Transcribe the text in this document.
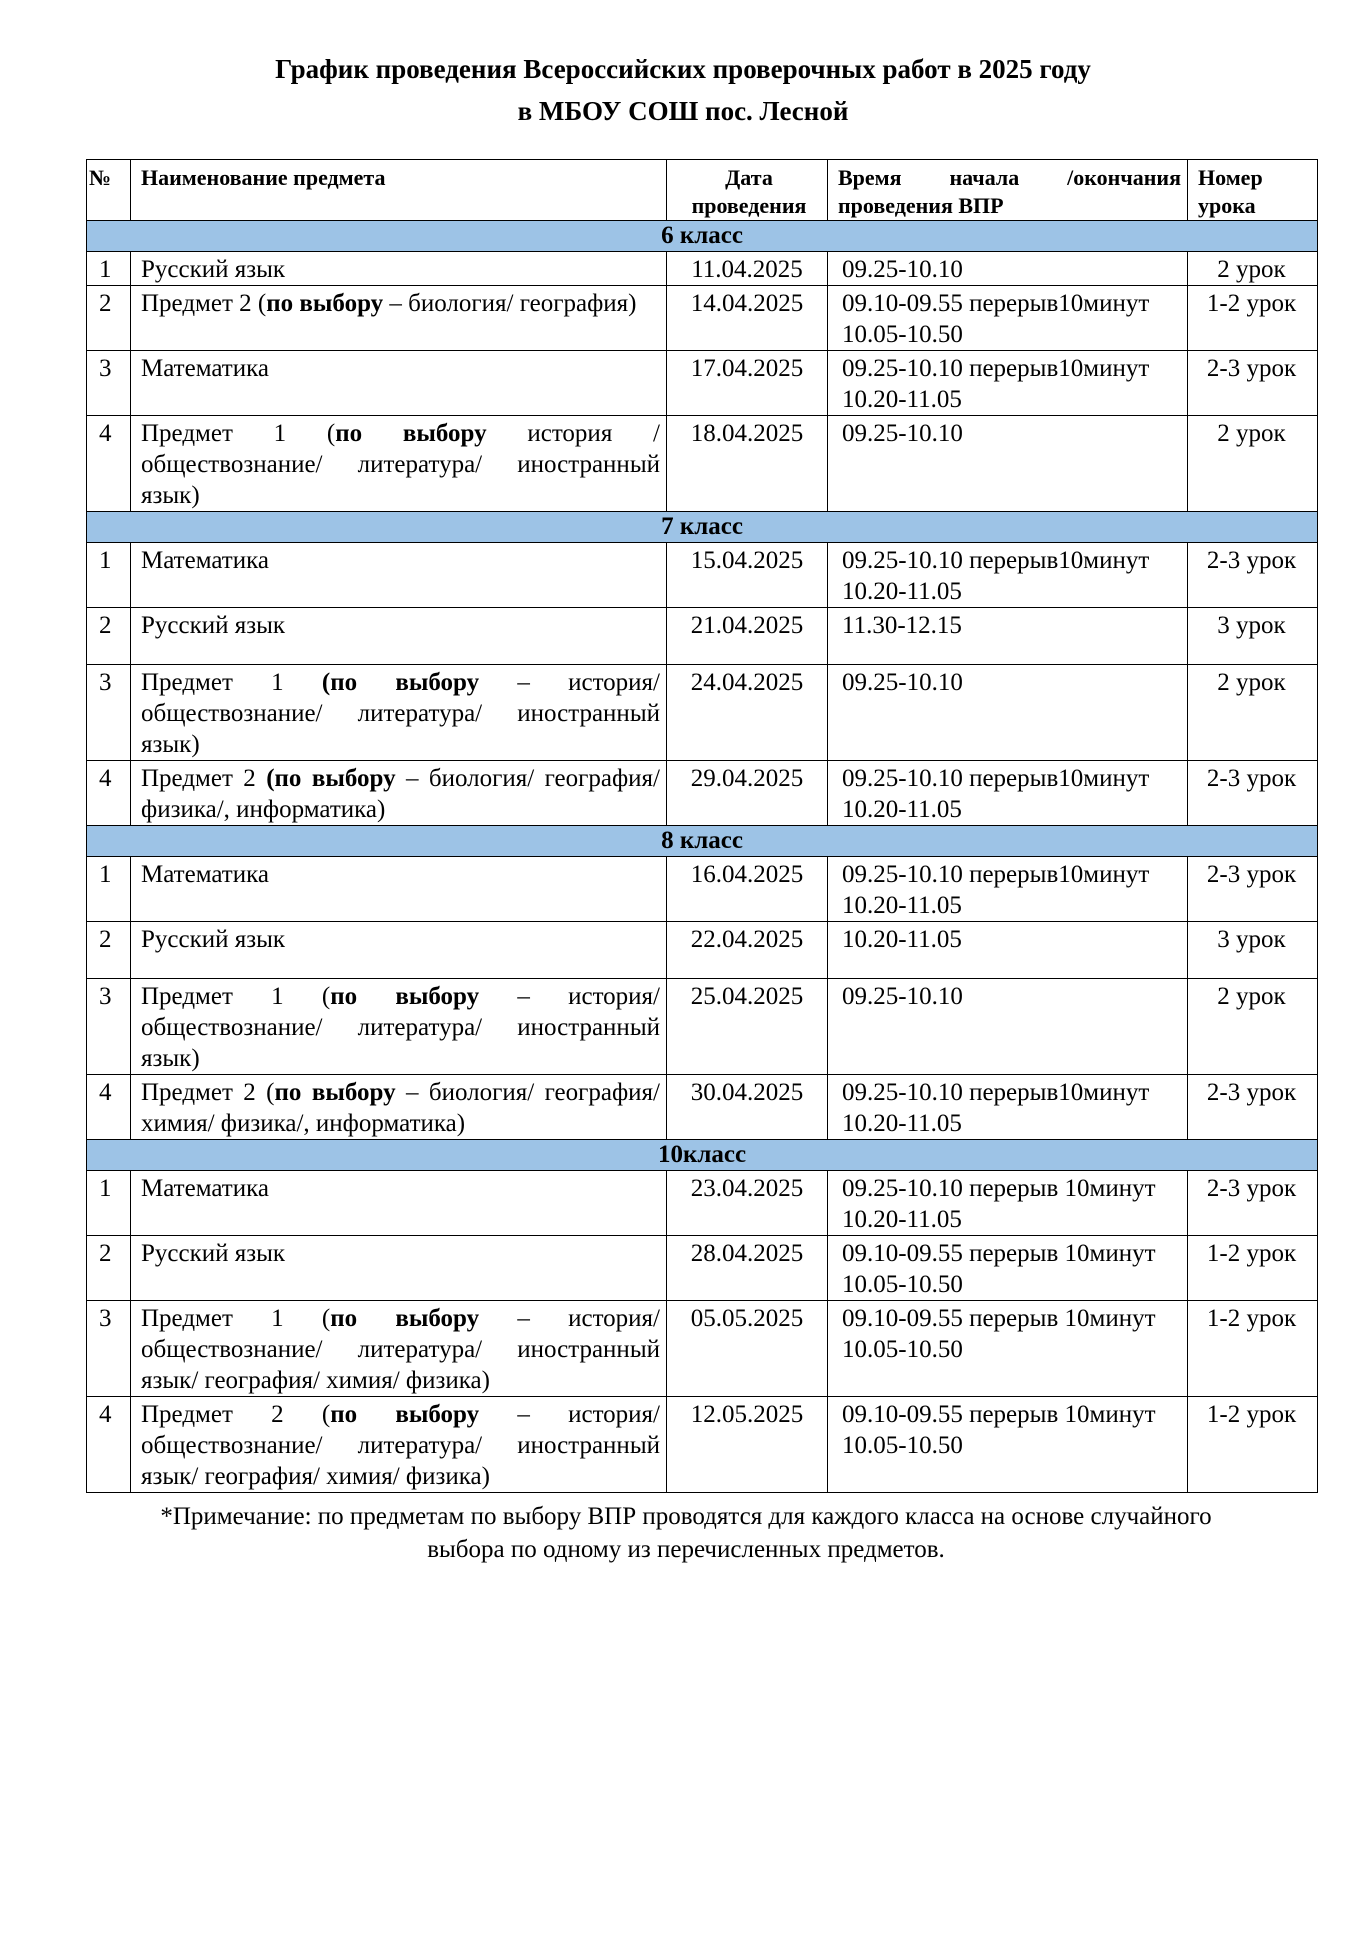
График проведения Всероссийских проверочных работ в 2025 году
в МБОУ СОШ пос. Лесной
№	Наименование предмета	Дата проведения	Время начала /окончания проведения ВПР	Номер урока
6 класс				
1	Русский язык	11.04.2025	09.25-10.10	2 урок
2	Предмет 2 (по выбору – биология/ география)	14.04.2025	09.10-09.55 перерыв10минут 10.05-10.50	1-2 урок
3	Математика	17.04.2025	09.25-10.10 перерыв10минут 10.20-11.05	2-3 урок
4	Предмет 1 (по выбору история /обществознание/ литература/ иностранный язык)	18.04.2025	09.25-10.10	2 урок
7 класс				
1	Математика	15.04.2025	09.25-10.10 перерыв10минут 10.20-11.05	2-3 урок
2	Русский язык	21.04.2025	11.30-12.15	3 урок
3	Предмет 1 (по выбору – история/ обществознание/ литература/ иностранный язык)	24.04.2025	09.25-10.10	2 урок
4	Предмет 2 (по выбору – биология/ география/ физика/, информатика)	29.04.2025	09.25-10.10 перерыв10минут 10.20-11.05	2-3 урок
8 класс				
1	Математика	16.04.2025	09.25-10.10 перерыв10минут 10.20-11.05	2-3 урок
2	Русский язык	22.04.2025	10.20-11.05	3 урок
3	Предмет 1 (по выбору – история/ обществознание/ литература/ иностранный язык)	25.04.2025	09.25-10.10	2 урок
4	Предмет 2 (по выбору – биология/ география/ химия/ физика/, информатика)	30.04.2025	09.25-10.10 перерыв10минут 10.20-11.05	2-3 урок
10класс				
1	Математика	23.04.2025	09.25-10.10 перерыв 10минут 10.20-11.05	2-3 урок
2	Русский язык	28.04.2025	09.10-09.55 перерыв 10минут 10.05-10.50	1-2 урок
3	Предмет 1 (по выбору – история/ обществознание/ литература/ иностранный язык/ география/ химия/ физика)	05.05.2025	09.10-09.55 перерыв 10минут 10.05-10.50	1-2 урок
4	Предмет 2 (по выбору – история/ обществознание/ литература/ иностранный язык/ география/ химия/ физика)	12.05.2025	09.10-09.55 перерыв 10минут 10.05-10.50	1-2 урок
*Примечание: по предметам по выбору ВПР проводятся для каждого класса на основе случайного
выбора по одному из перечисленных предметов.
